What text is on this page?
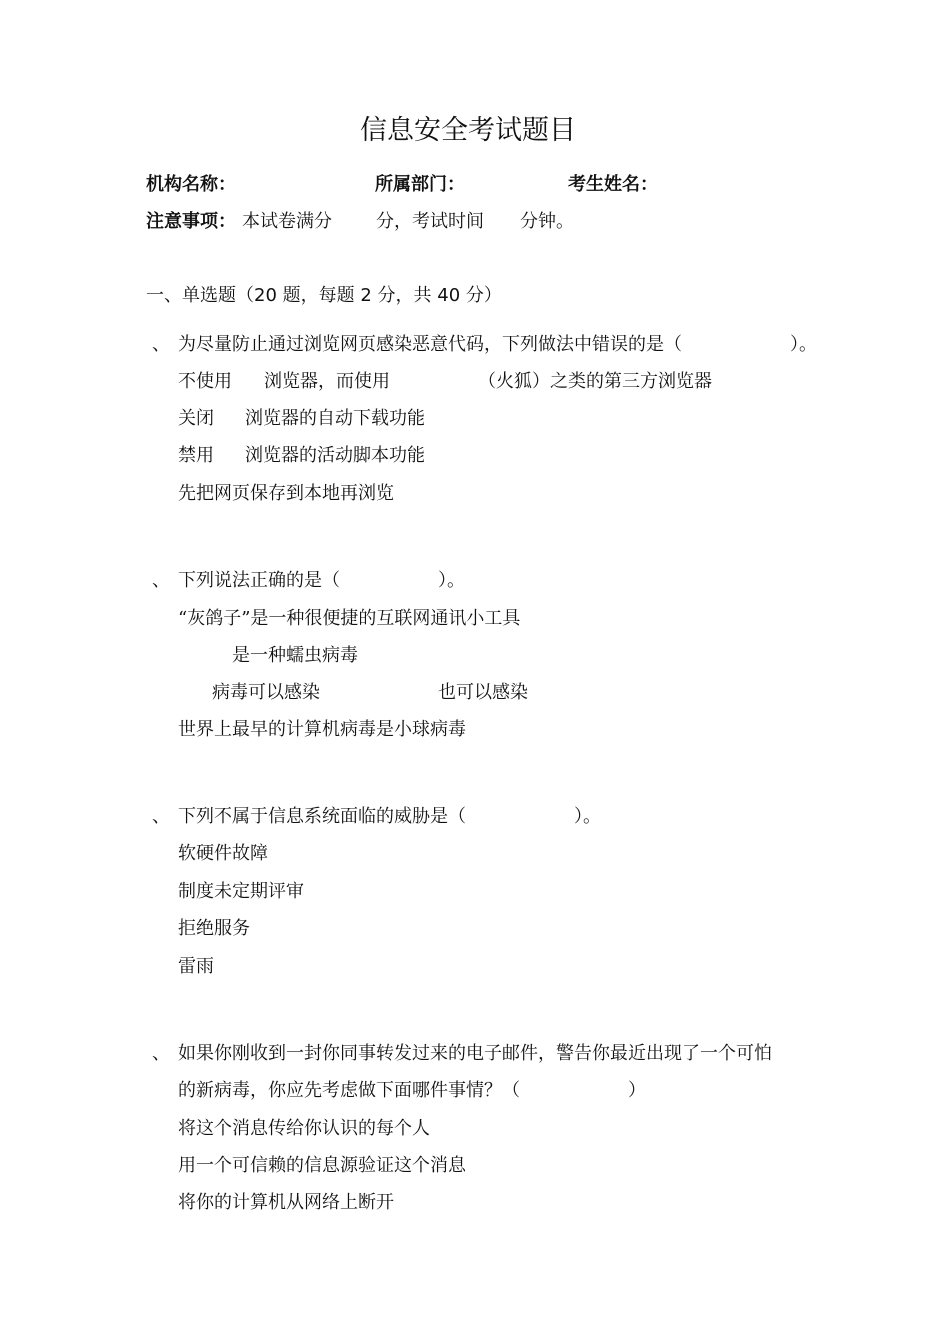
信息安全考试题目
机构名称：	所属部门：	考生姓名：
注意事项： 本试卷满分 分，考试时间 分钟。

一、单选题（20 题，每题 2 分，共 40 分）

、 为尽量防止通过浏览网页感染恶意代码，下列做法中错误的是（	）。
不使用 浏览器，而使用	（火狐）之类的第三方浏览器
关闭 浏览器的自动下载功能
禁用 浏览器的活动脚本功能
先把网页保存到本地再浏览
、 下列说法正确的是（	）。
“灰鸽子”是一种很便捷的互联网通讯小工具
是一种蠕虫病毒
病毒可以感染	也可以感染
世界上最早的计算机病毒是小球病毒
、 下列不属于信息系统面临的威胁是（	）。
软硬件故障
制度未定期评审
拒绝服务
雷雨
、 如果你刚收到一封你同事转发过来的电子邮件，警告你最近出现了一个可怕
的新病毒，你应先考虑做下面哪件事情？（	）
将这个消息传给你认识的每个人
用一个可信赖的信息源验证这个消息
将你的计算机从网络上断开
